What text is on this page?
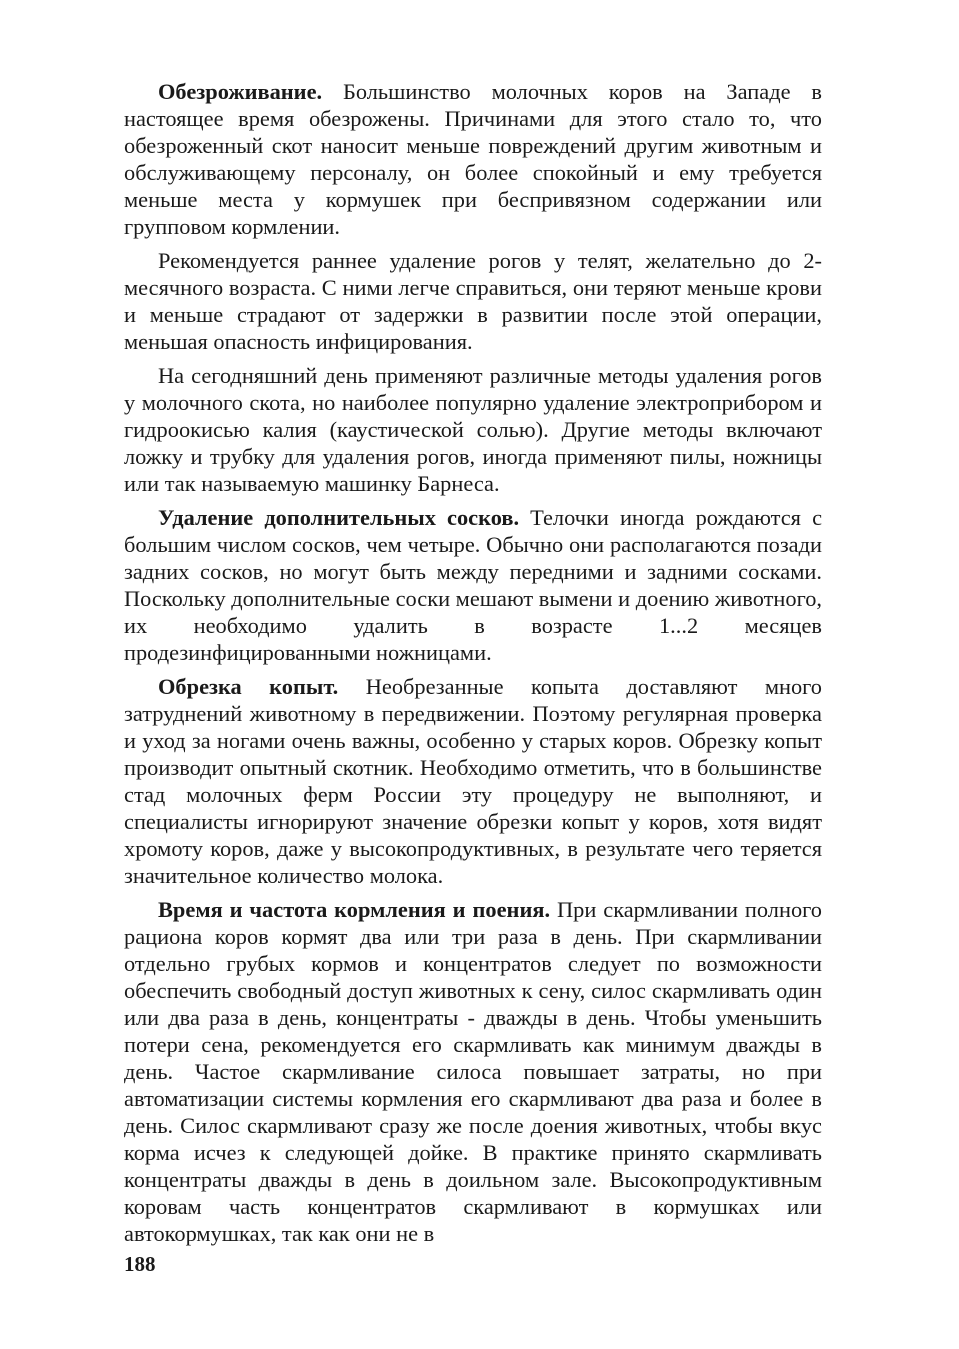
Обезроживание. Большинство молочных коров на Западе в настоящее время обезрожены. Причинами для этого стало то, что обезроженный скот наносит меньше повреждений другим животным и обслуживающему персоналу, он более спокойный и ему требуется меньше места у кормушек при беспривязном содержании или групповом кормлении.

Рекомендуется раннее удаление рогов у телят, желательно до 2-месячного возраста. С ними легче справиться, они теряют меньше крови и меньше страдают от задержки в развитии после этой операции, меньшая опасность инфицирования.

На сегодняшний день применяют различные методы удаления рогов у молочного скота, но наиболее популярно удаление электроприбором и гидроокисью калия (каустической солью). Другие методы включают ложку и трубку для удаления рогов, иногда применяют пилы, ножницы или так называемую машинку Барнеса.

Удаление дополнительных сосков. Телочки иногда рождаются с большим числом сосков, чем четыре. Обычно они располагаются позади задних сосков, но могут быть между передними и задними сосками. Поскольку дополнительные соски мешают вымени и доению животного, их необходимо удалить в возрасте 1...2 месяцев продезинфицированными ножницами.

Обрезка копыт. Необрезанные копыта доставляют много затруднений животному в передвижении. Поэтому регулярная проверка и уход за ногами очень важны, особенно у старых коров. Обрезку копыт производит опытный скотник. Необходимо отметить, что в большинстве стад молочных ферм России эту процедуру не выполняют, и специалисты игнорируют значение обрезки копыт у коров, хотя видят хромоту коров, даже у высокопродуктивных, в результате чего теряется значительное количество молока.

Время и частота кормления и поения. При скармливании полного рациона коров кормят два или три раза в день. При скармливании отдельно грубых кормов и концентратов следует по возможности обеспечить свободный доступ животных к сену, силос скармливать один или два раза в день, концентраты - дважды в день. Чтобы уменьшить потери сена, рекомендуется его скармливать как минимум дважды в день. Частое скармливание силоса повышает затраты, но при автоматизации системы кормления его скармливают два раза и более в день. Силос скармливают сразу же после доения животных, чтобы вкус корма исчез к следующей дойке. В практике принято скармливать концентраты дважды в день в доильном зале. Высокопродуктивным коровам часть концентратов скармливают в кормушках или автокормушках, так как они не в

188
